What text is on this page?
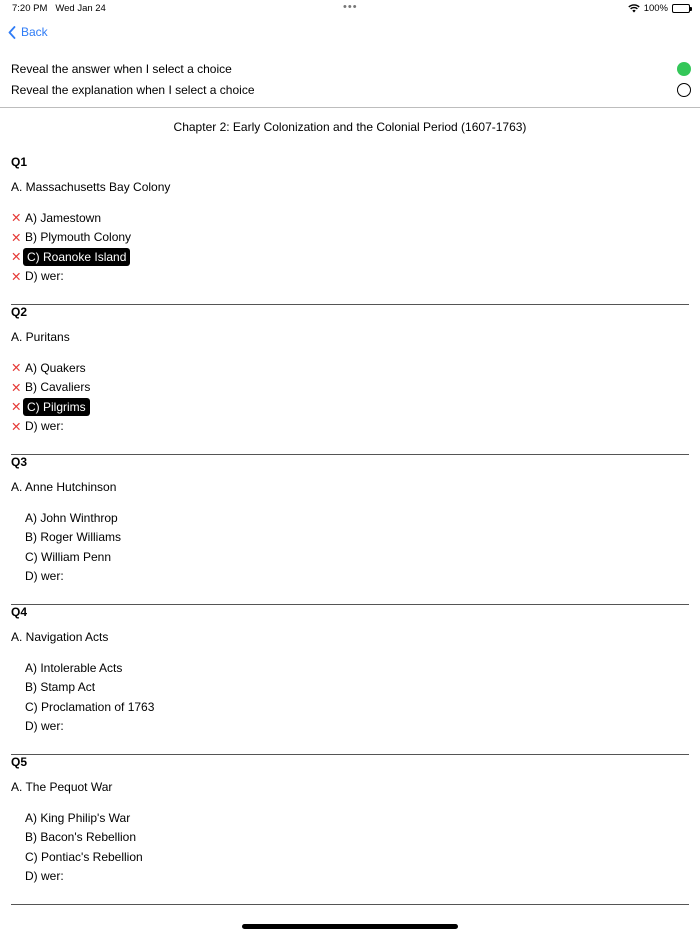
7:20 PM Wed Jan 24	•••	100%
Back
Reveal the answer when I select a choice
Reveal the explanation when I select a choice
Chapter 2: Early Colonization and the Colonial Period (1607-1763)
Q1
A. Massachusetts Bay Colony
✕ A) Jamestown
✕ B) Plymouth Colony
✕ C) Roanoke Island
✕ D) wer:
Q2
A. Puritans
✕ A) Quakers
✕ B) Cavaliers
✕ C) Pilgrims
✕ D) wer:
Q3
A. Anne Hutchinson
A) John Winthrop
B) Roger Williams
C) William Penn
D) wer:
Q4
A. Navigation Acts
A) Intolerable Acts
B) Stamp Act
C) Proclamation of 1763
D) wer:
Q5
A. The Pequot War
A) King Philip's War
B) Bacon's Rebellion
C) Pontiac's Rebellion
D) wer:
